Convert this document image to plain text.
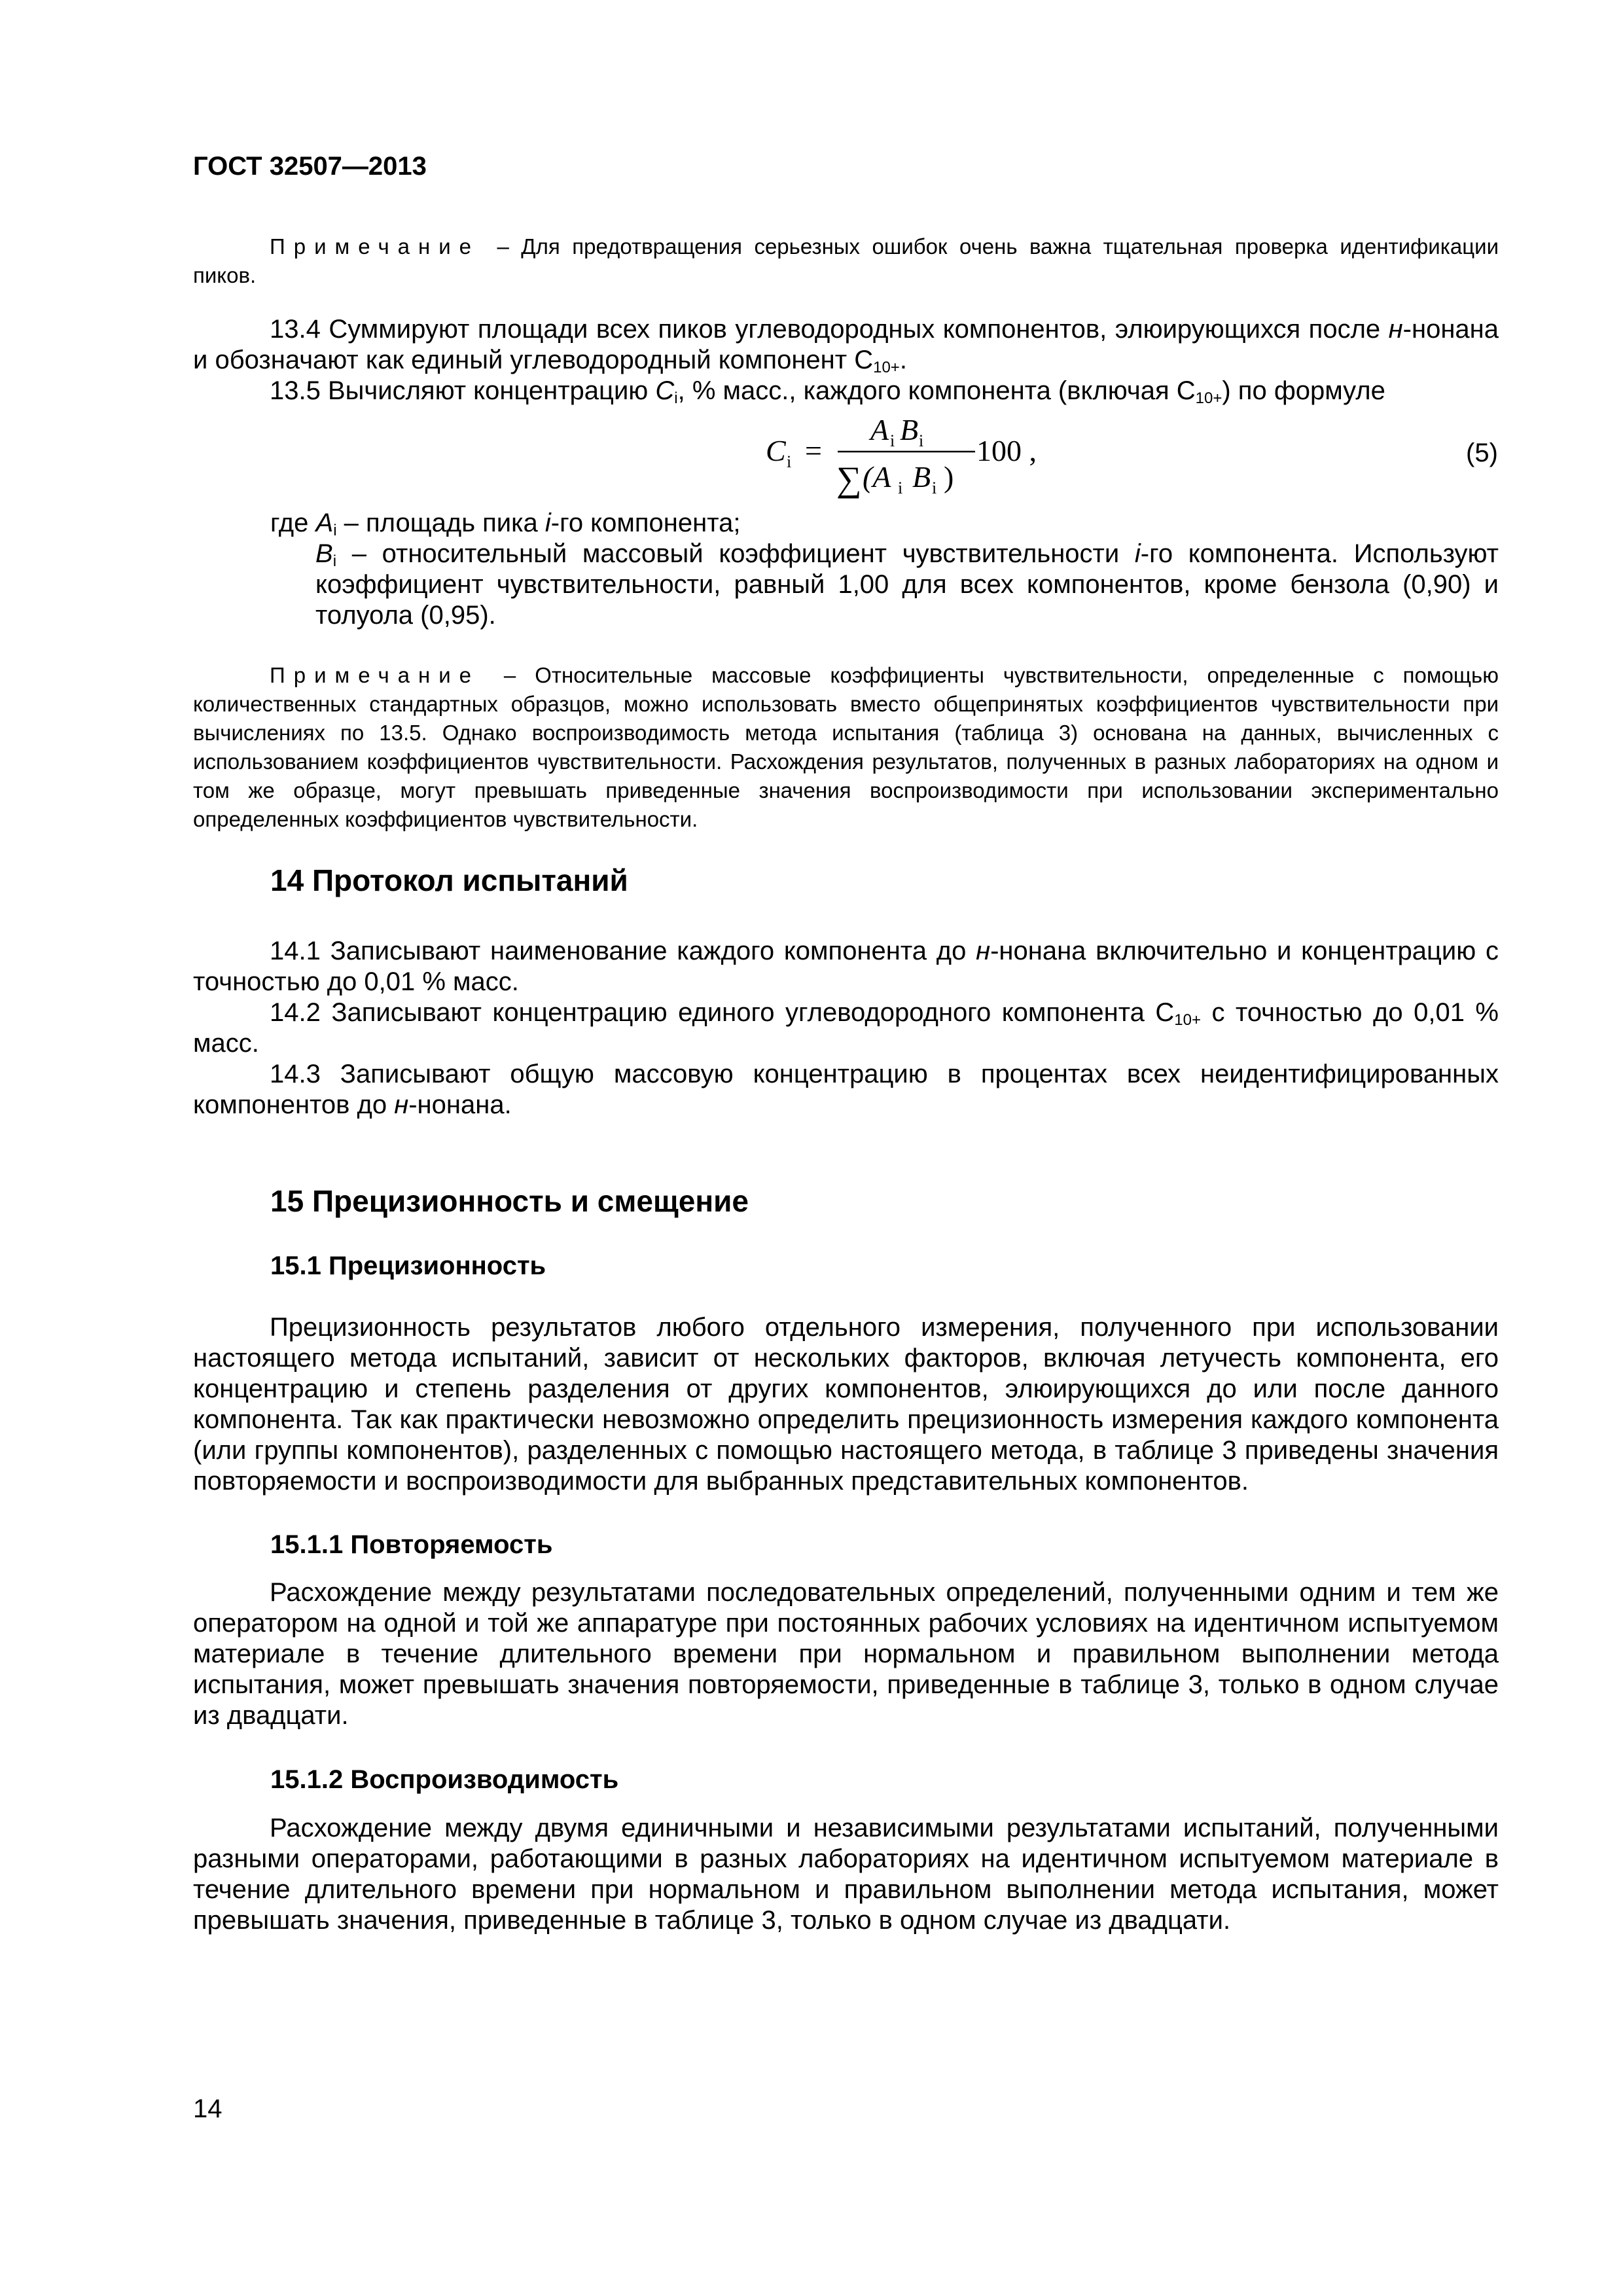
ГОСТ 32507—2013
Примечание – Для предотвращения серьезных ошибок очень важна тщательная проверка идентификации пиков.
13.4 Суммируют площади всех пиков углеводородных компонентов, элюирующихся после н-нонана и обозначают как единый углеводородный компонент $С_{10+}$.
13.5 Вычисляют концентрацию $C_i$, % масс., каждого компонента (включая $С_{10+}$) по формуле
C i =
A i B i
∑ (A i B i )
100 ,	(5)
где $A_i$ – площадь пика i-го компонента;
$B_i$ – относительный массовый коэффициент чувствительности i-го компонента. Используют коэффициент чувствительности, равный 1,00 для всех компонентов, кроме бензола (0,90) и толуола (0,95).
Примечание – Относительные массовые коэффициенты чувствительности, определенные с помощью количественных стандартных образцов, можно использовать вместо общепринятых коэффициентов чувствительности при вычислениях по 13.5. Однако воспроизводимость метода испытания (таблица 3) основана на данных, вычисленных с использованием коэффициентов чувствительности. Расхождения результатов, полученных в разных лабораториях на одном и том же образце, могут превышать приведенные значения воспроизводимости при использовании экспериментально определенных коэффициентов чувствительности.
14 Протокол испытаний
14.1 Записывают наименование каждого компонента до н-нонана включительно и концентрацию с точностью до 0,01 % масс.
14.2 Записывают концентрацию единого углеводородного компонента $С_{10+}$ с точностью до 0,01 % масс.
14.3 Записывают общую массовую концентрацию в процентах всех неидентифицированных компонентов до н-нонана.
15 Прецизионность и смещение
15.1 Прецизионность
Прецизионность результатов любого отдельного измерения, полученного при использовании настоящего метода испытаний, зависит от нескольких факторов, включая летучесть компонента, его концентрацию и степень разделения от других компонентов, элюирующихся до или после данного компонента. Так как практически невозможно определить прецизионность измерения каждого компонента (или группы компонентов), разделенных с помощью настоящего метода, в таблице 3 приведены значения повторяемости и воспроизводимости для выбранных представительных компонентов.
15.1.1 Повторяемость
Расхождение между результатами последовательных определений, полученными одним и тем же оператором на одной и той же аппаратуре при постоянных рабочих условиях на идентичном испытуемом материале в течение длительного времени при нормальном и правильном выполнении метода испытания, может превышать значения повторяемости, приведенные в таблице 3, только в одном случае из двадцати.
15.1.2 Воспроизводимость
Расхождение между двумя единичными и независимыми результатами испытаний, полученными разными операторами, работающими в разных лабораториях на идентичном испытуемом материале в течение длительного времени при нормальном и правильном выполнении метода испытания, может превышать значения, приведенные в таблице 3, только в одном случае из двадцати.
14
